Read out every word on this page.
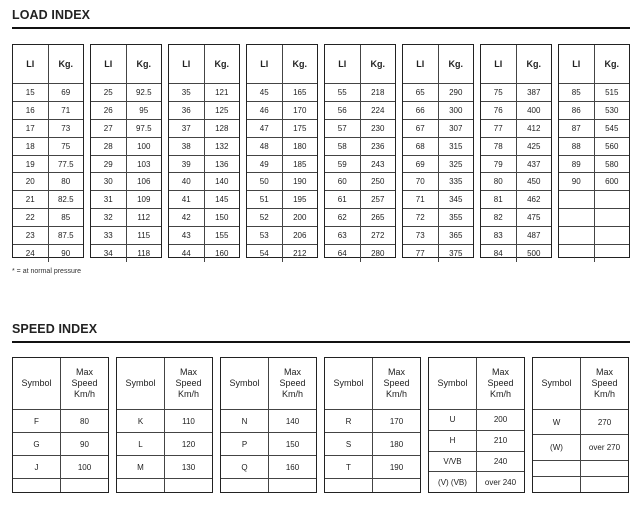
LOAD INDEX
LI	Kg.
15	69
16	71
17	73
18	75
19	77.5
20	80
21	82.5
22	85
23	87.5
24	90
LI	Kg.
25	92.5
26	95
27	97.5
28	100
29	103
30	106
31	109
32	112
33	115
34	118
LI	Kg.
35	121
36	125
37	128
38	132
39	136
40	140
41	145
42	150
43	155
44	160
LI	Kg.
45	165
46	170
47	175
48	180
49	185
50	190
51	195
52	200
53	206
54	212
LI	Kg.
55	218
56	224
57	230
58	236
59	243
60	250
61	257
62	265
63	272
64	280
LI	Kg.
65	290
66	300
67	307
68	315
69	325
70	335
71	345
72	355
73	365
77	375
LI	Kg.
75	387
76	400
77	412
78	425
79	437
80	450
81	462
82	475
83	487
84	500
LI	Kg.
85	515
86	530
87	545
88	560
89	580
90	600
* = at normal pressure
SPEED INDEX
Symbol
Max
Speed
Km/h
F	80
G	90
J	100
Symbol
Max
Speed
Km/h
K	110
L	120
M	130
Symbol
Max
Speed
Km/h
N	140
P	150
Q	160
Symbol
Max
Speed
Km/h
R	170
S	180
T	190
Symbol
Max
Speed
Km/h
U	200
H	210
V/VB	240
(V) (VB)	over 240
Symbol
Max
Speed
Km/h
W	270
(W)	over 270
